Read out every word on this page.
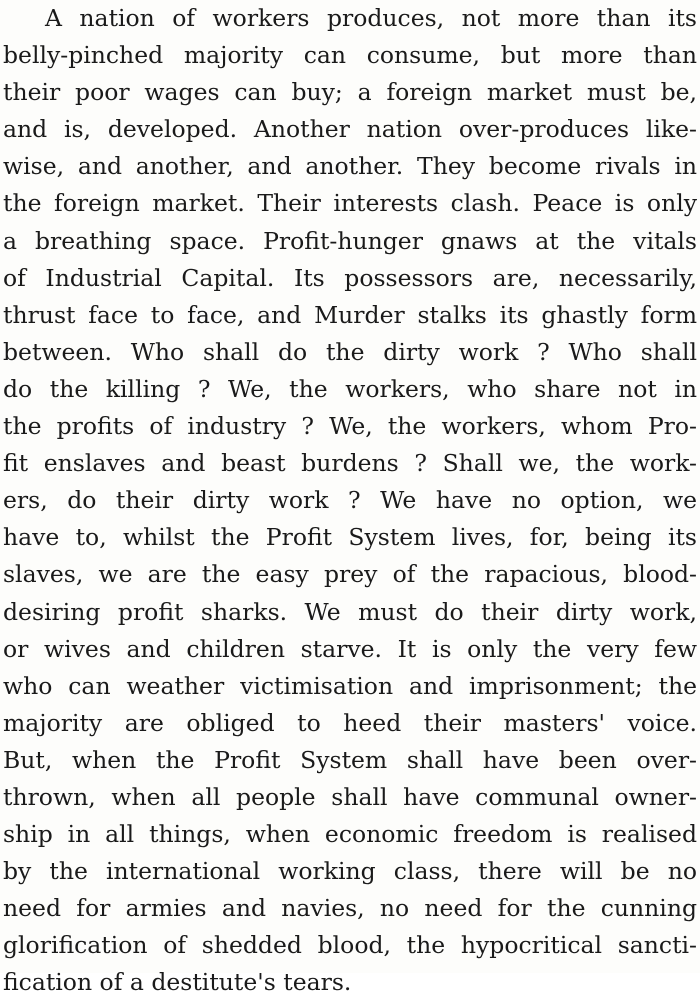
A nation of workers produces, not more than its
belly-pinched majority can consume, but more than
their poor wages can buy; a foreign market must be,
and is, developed. Another nation over-produces like-
wise, and another, and another. They become rivals in
the foreign market. Their interests clash. Peace is only
a breathing space. Profit-hunger gnaws at the vitals
of Industrial Capital. Its possessors are, necessarily,
thrust face to face, and Murder stalks its ghastly form
between. Who shall do the dirty work ? Who shall
do the killing ? We, the workers, who share not in
the profits of industry ? We, the workers, whom Pro-
fit enslaves and beast burdens ? Shall we, the work-
ers, do their dirty work ? We have no option, we
have to, whilst the Profit System lives, for, being its
slaves, we are the easy prey of the rapacious, blood-
desiring profit sharks. We must do their dirty work,
or wives and children starve. It is only the very few
who can weather victimisation and imprisonment; the
majority are obliged to heed their masters' voice.
But, when the Profit System shall have been over-
thrown, when all people shall have communal owner-
ship in all things, when economic freedom is realised
by the international working class, there will be no
need for armies and navies, no need for the cunning
glorification of shedded blood, the hypocritical sancti-
fication of a destitute's tears.
